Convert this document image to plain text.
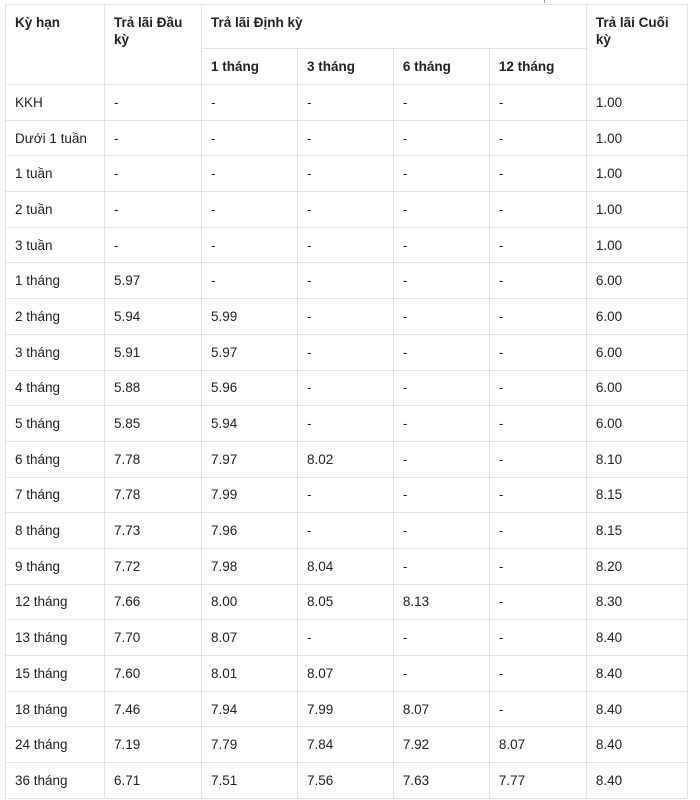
Kỳ hạn	Trả lãi Đầu kỳ	Trả lãi Định kỳ				Trả lãi Cuối kỳ
		1 tháng	3 tháng	6 tháng	12 tháng	
KKH	-	-	-	-	-	1.00
Dưới 1 tuần	-	-	-	-	-	1.00
1 tuần	-	-	-	-	-	1.00
2 tuần	-	-	-	-	-	1.00
3 tuần	-	-	-	-	-	1.00
1 tháng	5.97	-	-	-	-	6.00
2 tháng	5.94	5.99	-	-	-	6.00
3 tháng	5.91	5.97	-	-	-	6.00
4 tháng	5.88	5.96	-	-	-	6.00
5 tháng	5.85	5.94	-	-	-	6.00
6 tháng	7.78	7.97	8.02	-	-	8.10
7 tháng	7.78	7.99	-	-	-	8.15
8 tháng	7.73	7.96	-	-	-	8.15
9 tháng	7.72	7.98	8.04	-	-	8.20
12 tháng	7.66	8.00	8.05	8.13	-	8.30
13 tháng	7.70	8.07	-	-	-	8.40
15 tháng	7.60	8.01	8.07	-	-	8.40
18 tháng	7.46	7.94	7.99	8.07	-	8.40
24 tháng	7.19	7.79	7.84	7.92	8.07	8.40
36 tháng	6.71	7.51	7.56	7.63	7.77	8.40
